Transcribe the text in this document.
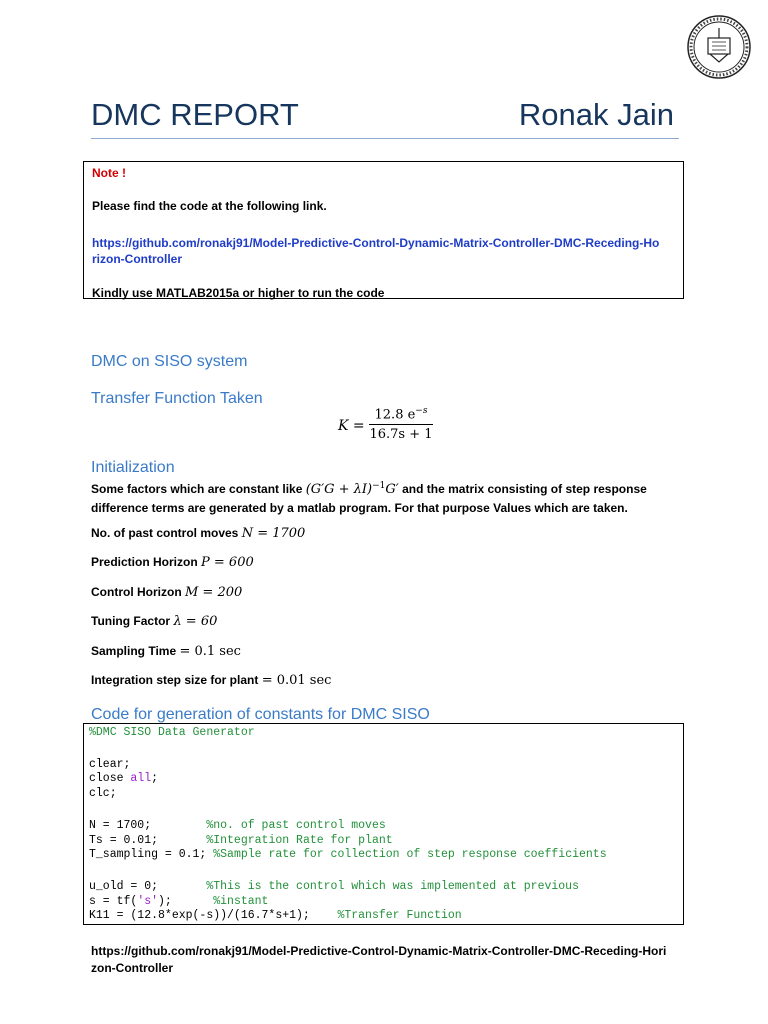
DMC REPORT	Ronak Jain
Note !
Please find the code at the following link.
https://github.com/ronakj91/Model-Predictive-Control-Dynamic-Matrix-Controller-DMC-Receding-Horizon-Controller
Kindly use MATLAB2015a or higher to run the code
DMC on SISO system
Transfer Function Taken
$K = \frac{12.8 e^{-s}}{16.7s + 1}$
Initialization
Some factors which are constant like $(G'G + \lambda I)^{-1}G'$ and the matrix consisting of step response difference terms are generated by a matlab program. For that purpose Values which are taken.
No. of past control moves N = 1700
Prediction Horizon P = 600
Control Horizon M = 200
Tuning Factor λ = 60
Sampling Time = 0.1 sec
Integration step size for plant = 0.01 sec
Code for generation of constants for DMC SISO
%DMC SISO Data Generator
clear;
close all;
clc;
N = 1700;        %no. of past control moves
Ts = 0.01;       %Integration Rate for plant
T_sampling = 0.1; %Sample rate for collection of step response coefficients
u_old = 0;       %This is the control which was implemented at previous
s = tf('s');      %instant
K11 = (12.8*exp(-s))/(16.7*s+1);    %Transfer Function
https://github.com/ronakj91/Model-Predictive-Control-Dynamic-Matrix-Controller-DMC-Receding-Horizon-Controller
